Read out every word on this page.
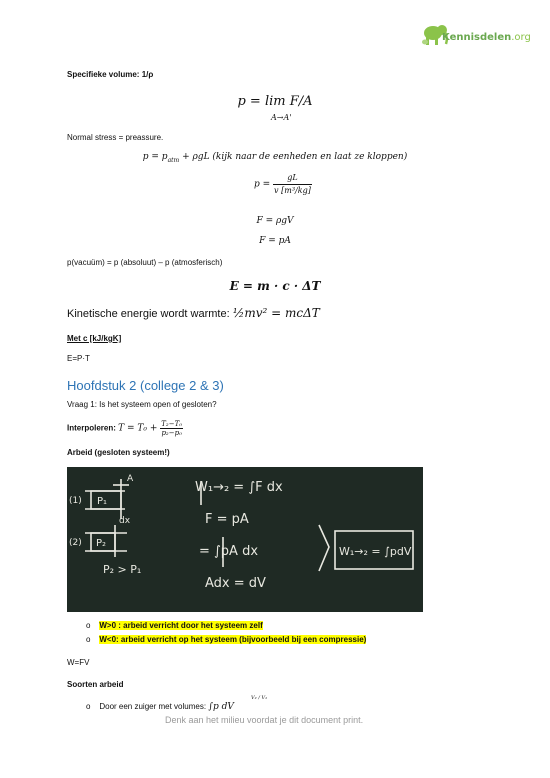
Kennisdelen.org
Specifieke volume: 1/ρ
p = lim F/A
A→A'
Normal stress = preassure.
$p = p_{atm} + \rho gL$ (kijk naar de eenheden en laat ze kloppen)
$p = \frac{gL}{\text{v [m³/kg]}}$
F = ρgV
F = pA
p(vacuüm) = p (absoluut) – p (atmosferisch)
E = m · c · ΔT
Kinetische energie wordt warmte: ½mv² = mcΔT
Met c [kJ/kgK]
E=P·T
Hoofdstuk 2 (college 2 & 3)
Vraag 1: Is het systeem open of gesloten?
Interpoleren: $T = T_0 + \frac{\text{T₂−T₀}}{\text{p₂−p₀}}$
Arbeid (gesloten systeem!)
(1)
(2)
P₁
P₂
A
dx
P₂ > P₁
W₁→₂ = ∫F dx
F = pA
= ∫pA dx
Adx = dV
W₁→₂ = ∫pdV
o W>0 : arbeid verricht door het systeem zelf
o W<0: arbeid verricht op het systeem (bijvoorbeeld bij een compressie)
W=FV
Soorten arbeid
o Door een zuiger met volumes: ∫p dV
V₂ / V₁
Denk aan het milieu voordat je dit document print.
